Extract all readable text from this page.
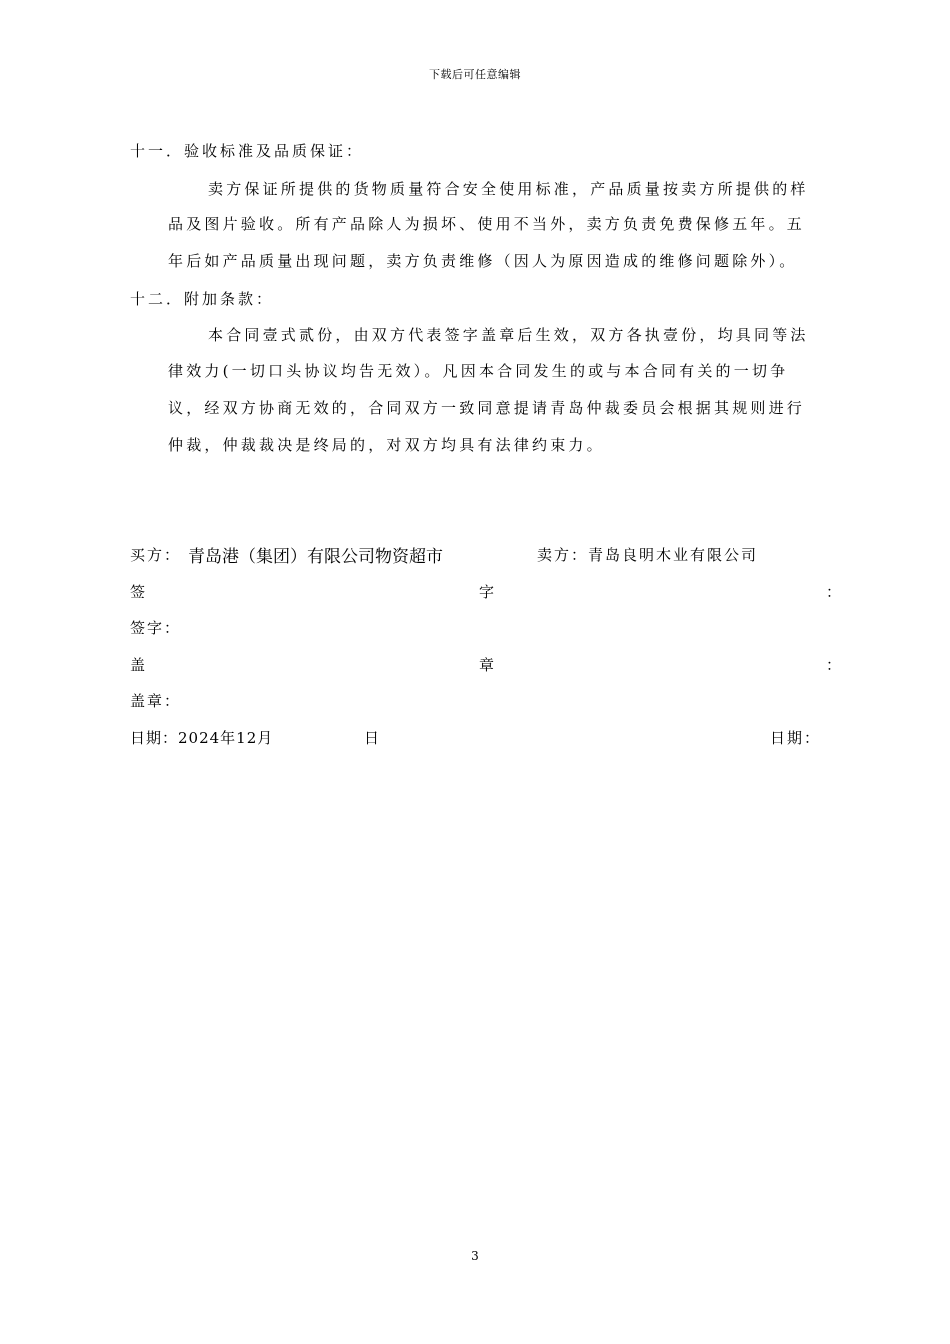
下载后可任意编辑
十一．验收标准及品质保证：
卖方保证所提供的货物质量符合安全使用标准，产品质量按卖方所提供的样
品及图片验收。所有产品除人为损坏、使用不当外，卖方负责免费保修五年。五
年后如产品质量出现问题，卖方负责维修（因人为原因造成的维修问题除外）。
十二．附加条款：
本合同壹式贰份，由双方代表签字盖章后生效，双方各执壹份，均具同等法
律效力(一切口头协议均告无效）。凡因本合同发生的或与本合同有关的一切争
议，经双方协商无效的，合同双方一致同意提请青岛仲裁委员会根据其规则进行
仲裁，仲裁裁决是终局的，对双方均具有法律约束力。
买方： 青岛港（集团）有限公司物资超市	卖方：青岛良明木业有限公司
签	字	：
签字：
盖	章	：
盖章：
日期：2024年12月	日	日期：
3
